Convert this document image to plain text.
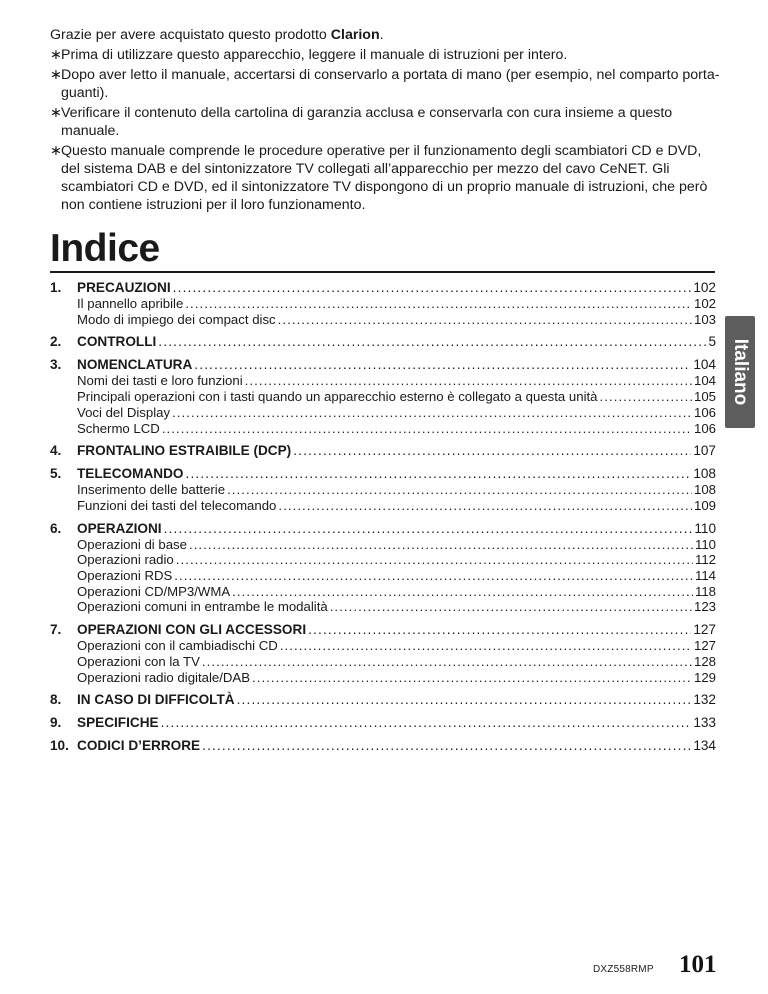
Grazie per avere acquistato questo prodotto Clarion.

∗ Prima di utilizzare questo apparecchio, leggere il manuale di istruzioni per intero.

∗ Dopo aver letto il manuale, accertarsi di conservarlo a portata di mano (per esempio, nel comparto porta-guanti).

∗ Verificare il contenuto della cartolina di garanzia acclusa e conservarla con cura insieme a questo manuale.

∗ Questo manuale comprende le procedure operative per il funzionamento degli scambiatori CD e DVD, del sistema DAB e del sintonizzatore TV collegati all’apparecchio per mezzo del cavo CeNET. Gli scambiatori CD e DVD, ed il sintonizzatore TV dispongono di un proprio manuale di istruzioni, che però non contiene istruzioni per il loro funzionamento.

Indice
1.	PRECAUZIONI . . .	102
Il pannello apribile . . .	102
Modo di impiego dei compact disc . . .	103
2.	CONTROLLI . . .	5
3.	NOMENCLATURA . . .	104
Nomi dei tasti e loro funzioni . . .	104
Principali operazioni con i tasti quando un apparecchio esterno è collegato a questa unità . . .	105
Voci del Display . . .	106
Schermo LCD . . .	106
4.	FRONTALINO ESTRAIBILE (DCP) . . .	107
5.	TELECOMANDO . . .	108
Inserimento delle batterie . . .	108
Funzioni dei tasti del telecomando . . .	109
6.	OPERAZIONI . . .	110
Operazioni di base . . .	110
Operazioni radio . . .	112
Operazioni RDS . . .	114
Operazioni CD/MP3/WMA . . .	118
Operazioni comuni in entrambe le modalità . . .	123
7.	OPERAZIONI CON GLI ACCESSORI . . .	127
Operazioni con il cambiadischi CD . . .	127
Operazioni con la TV . . .	128
Operazioni radio digitale/DAB . . .	129
8.	IN CASO DI DIFFICOLTÀ . . .	132
9.	SPECIFICHE . . .	133
10. CODICI D’ERRORE . . .	134
Italiano
DXZ558RMP 101
